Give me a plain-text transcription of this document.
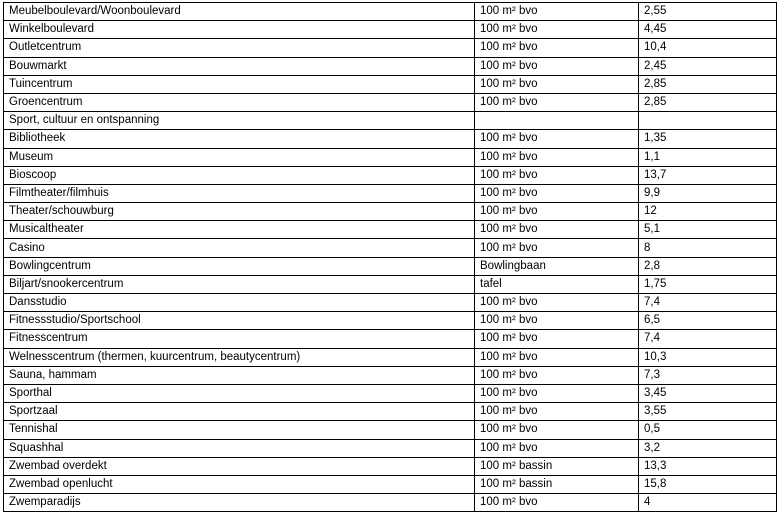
Meubelboulevard/Woonboulevard	100 m² bvo	2,55
Winkelboulevard	100 m² bvo	4,45
Outletcentrum	100 m² bvo	10,4
Bouwmarkt	100 m² bvo	2,45
Tuincentrum	100 m² bvo	2,85
Groencentrum	100 m² bvo	2,85
Sport, cultuur en ontspanning		
Bibliotheek	100 m² bvo	1,35
Museum	100 m² bvo	1,1
Bioscoop	100 m² bvo	13,7
Filmtheater/filmhuis	100 m² bvo	9,9
Theater/schouwburg	100 m² bvo	12
Musicaltheater	100 m² bvo	5,1
Casino	100 m² bvo	8
Bowlingcentrum	Bowlingbaan	2,8
Biljart/snookercentrum	tafel	1,75
Dansstudio	100 m² bvo	7,4
Fitnessstudio/Sportschool	100 m² bvo	6,5
Fitnesscentrum	100 m² bvo	7,4
Welnesscentrum (thermen, kuurcentrum, beautycentrum)	100 m² bvo	10,3
Sauna, hammam	100 m² bvo	7,3
Sporthal	100 m² bvo	3,45
Sportzaal	100 m² bvo	3,55
Tennishal	100 m² bvo	0,5
Squashhal	100 m² bvo	3,2
Zwembad overdekt	100 m² bassin	13,3
Zwembad openlucht	100 m² bassin	15,8
Zwemparadijs	100 m² bvo	4
